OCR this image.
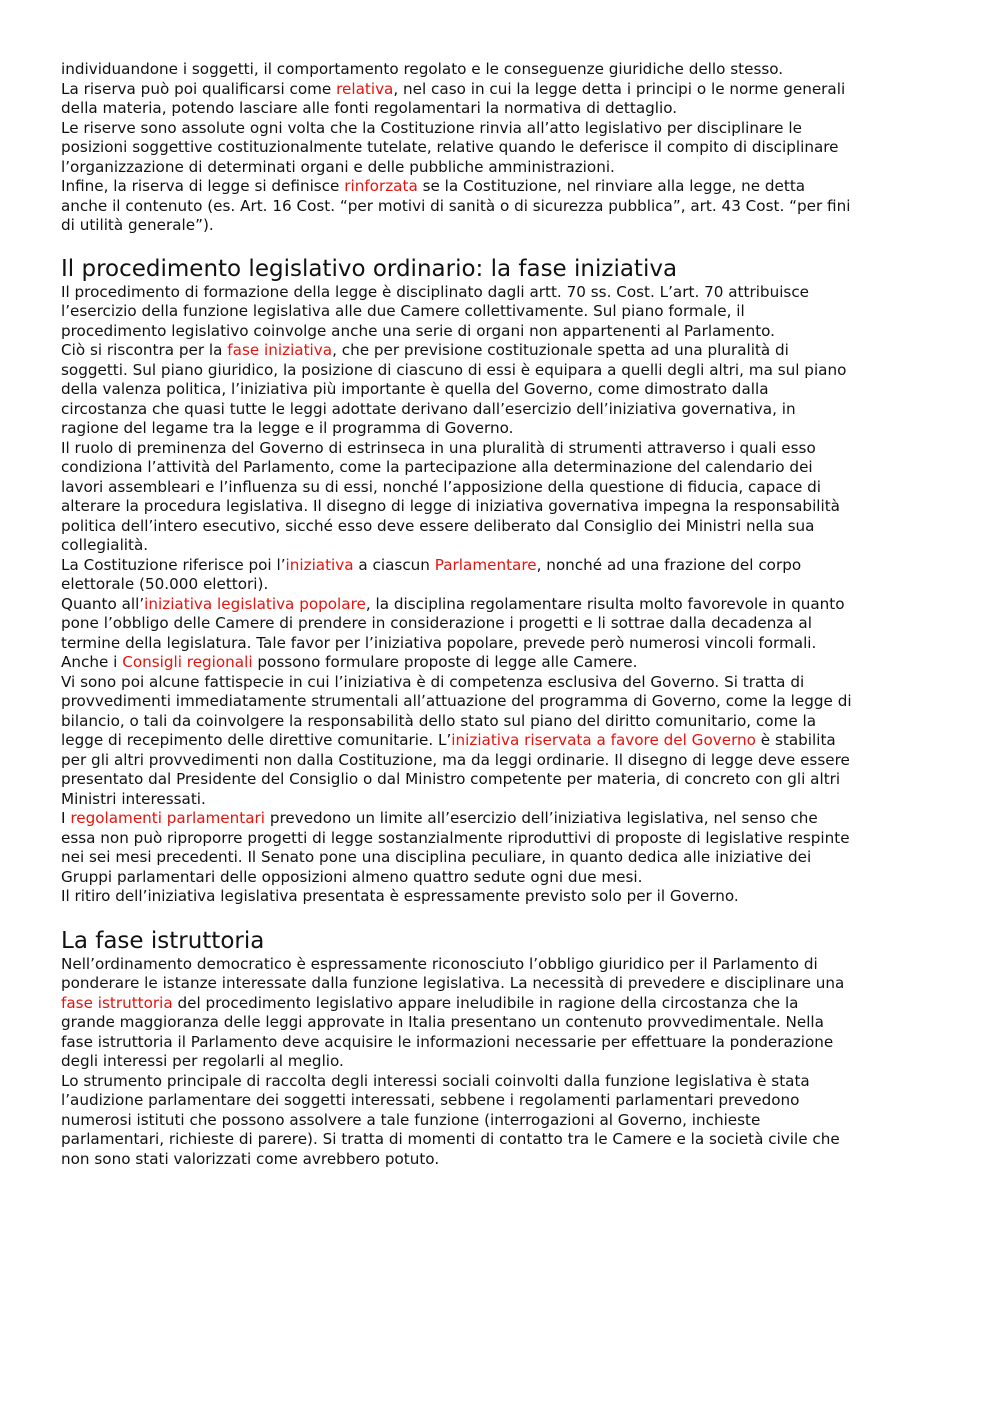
individuandone i soggetti, il comportamento regolato e le conseguenze giuridiche dello stesso.
La riserva può poi qualificarsi come relativa, nel caso in cui la legge detta i principi o le norme generali
della materia, potendo lasciare alle fonti regolamentari la normativa di dettaglio.
Le riserve sono assolute ogni volta che la Costituzione rinvia all’atto legislativo per disciplinare le
posizioni soggettive costituzionalmente tutelate, relative quando le deferisce il compito di disciplinare
l’organizzazione di determinati organi e delle pubbliche amministrazioni.
Infine, la riserva di legge si definisce rinforzata se la Costituzione, nel rinviare alla legge, ne detta
anche il contenuto (es. Art. 16 Cost. “per motivi di sanità o di sicurezza pubblica”, art. 43 Cost. “per fini
di utilità generale”).
Il procedimento legislativo ordinario: la fase iniziativa
Il procedimento di formazione della legge è disciplinato dagli artt. 70 ss. Cost. L’art. 70 attribuisce
l’esercizio della funzione legislativa alle due Camere collettivamente. Sul piano formale, il
procedimento legislativo coinvolge anche una serie di organi non appartenenti al Parlamento.
Ciò si riscontra per la fase iniziativa, che per previsione costituzionale spetta ad una pluralità di
soggetti. Sul piano giuridico, la posizione di ciascuno di essi è equipara a quelli degli altri, ma sul piano
della valenza politica, l’iniziativa più importante è quella del Governo, come dimostrato dalla
circostanza che quasi tutte le leggi adottate derivano dall’esercizio dell’iniziativa governativa, in
ragione del legame tra la legge e il programma di Governo.
Il ruolo di preminenza del Governo di estrinseca in una pluralità di strumenti attraverso i quali esso
condiziona l’attività del Parlamento, come la partecipazione alla determinazione del calendario dei
lavori assembleari e l’influenza su di essi, nonché l’apposizione della questione di fiducia, capace di
alterare la procedura legislativa. Il disegno di legge di iniziativa governativa impegna la responsabilità
politica dell’intero esecutivo, sicché esso deve essere deliberato dal Consiglio dei Ministri nella sua
collegialità.
La Costituzione riferisce poi l’iniziativa a ciascun Parlamentare, nonché ad una frazione del corpo
elettorale (50.000 elettori).
Quanto all’iniziativa legislativa popolare, la disciplina regolamentare risulta molto favorevole in quanto
pone l’obbligo delle Camere di prendere in considerazione i progetti e li sottrae dalla decadenza al
termine della legislatura. Tale favor per l’iniziativa popolare, prevede però numerosi vincoli formali.
Anche i Consigli regionali possono formulare proposte di legge alle Camere.
Vi sono poi alcune fattispecie in cui l’iniziativa è di competenza esclusiva del Governo. Si tratta di
provvedimenti immediatamente strumentali all’attuazione del programma di Governo, come la legge di
bilancio, o tali da coinvolgere la responsabilità dello stato sul piano del diritto comunitario, come la
legge di recepimento delle direttive comunitarie. L’iniziativa riservata a favore del Governo è stabilita
per gli altri provvedimenti non dalla Costituzione, ma da leggi ordinarie. Il disegno di legge deve essere
presentato dal Presidente del Consiglio o dal Ministro competente per materia, di concreto con gli altri
Ministri interessati.
I regolamenti parlamentari prevedono un limite all’esercizio dell’iniziativa legislativa, nel senso che
essa non può riproporre progetti di legge sostanzialmente riproduttivi di proposte di legislative respinte
nei sei mesi precedenti. Il Senato pone una disciplina peculiare, in quanto dedica alle iniziative dei
Gruppi parlamentari delle opposizioni almeno quattro sedute ogni due mesi.
Il ritiro dell’iniziativa legislativa presentata è espressamente previsto solo per il Governo.
La fase istruttoria
Nell’ordinamento democratico è espressamente riconosciuto l’obbligo giuridico per il Parlamento di
ponderare le istanze interessate dalla funzione legislativa. La necessità di prevedere e disciplinare una
fase istruttoria del procedimento legislativo appare ineludibile in ragione della circostanza che la
grande maggioranza delle leggi approvate in Italia presentano un contenuto provvedimentale. Nella
fase istruttoria il Parlamento deve acquisire le informazioni necessarie per effettuare la ponderazione
degli interessi per regolarli al meglio.
Lo strumento principale di raccolta degli interessi sociali coinvolti dalla funzione legislativa è stata
l’audizione parlamentare dei soggetti interessati, sebbene i regolamenti parlamentari prevedono
numerosi istituti che possono assolvere a tale funzione (interrogazioni al Governo, inchieste
parlamentari, richieste di parere). Si tratta di momenti di contatto tra le Camere e la società civile che
non sono stati valorizzati come avrebbero potuto.
